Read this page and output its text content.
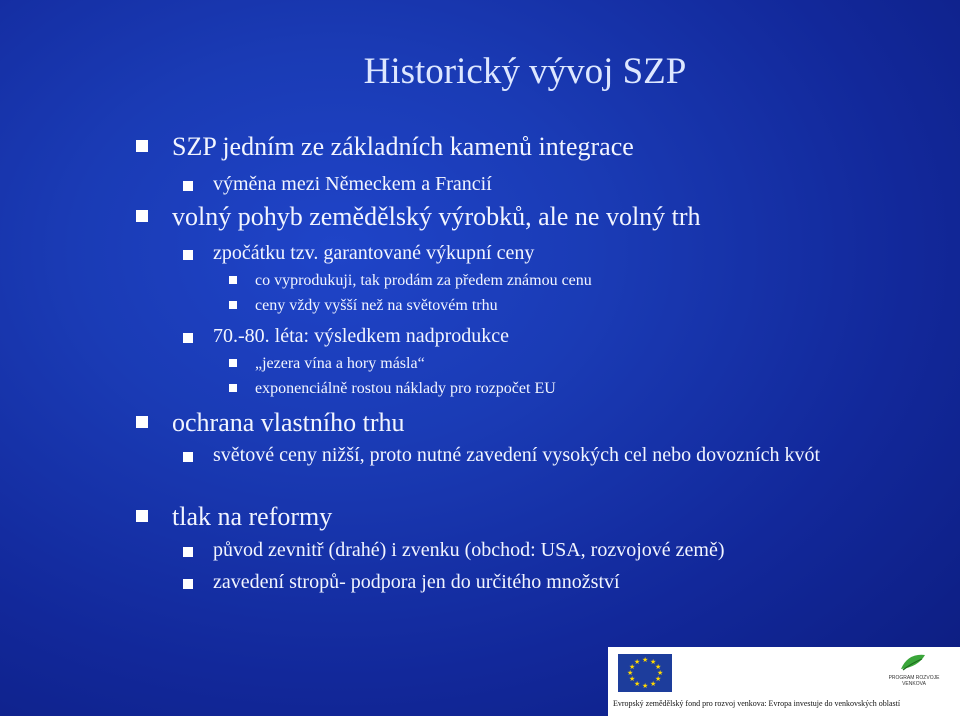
Historický vývoj SZP
SZP jedním ze základních kamenů integrace
výměna mezi Německem a Francií
volný pohyb zemědělský výrobků, ale ne volný trh
zpočátku tzv. garantované výkupní ceny
co vyprodukuji, tak prodám za předem známou cenu
ceny vždy vyšší než na světovém trhu
70.-80. léta: výsledkem nadprodukce
„jezera vína a hory másla“
exponenciálně rostou náklady pro rozpočet EU
ochrana vlastního trhu
světové ceny nižší, proto nutné zavedení vysokých cel nebo dovozních kvót
tlak na reformy
původ zevnitř (drahé) i zvenku (obchod: USA, rozvojové země)
zavedení stropů- podpora jen do určitého množství
★ ★
★
★
★
★
★
★
★
★
★
★
PROGRAM ROZVOJE VENKOVA
Evropský zemědělský fond pro rozvoj venkova: Evropa investuje do venkovských oblastí
